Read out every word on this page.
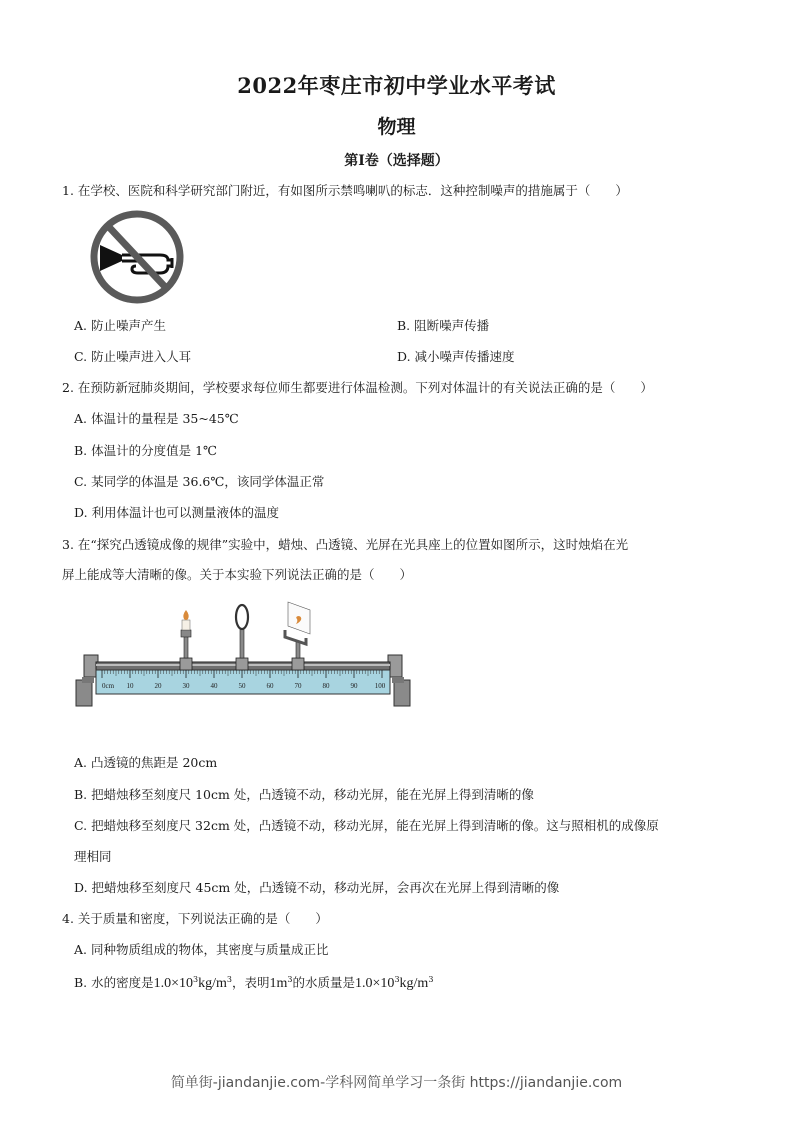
2022年枣庄市初中学业水平考试
物理
第I卷（选择题）
1. 在学校、医院和科学研究部门附近，有如图所示禁鸣喇叭的标志．这种控制噪声的措施属于（　　）
A. 防止噪声产生	B. 阻断噪声传播
C. 防止噪声进入人耳	D. 减小噪声传播速度
2. 在预防新冠肺炎期间，学校要求每位师生都要进行体温检测。下列对体温计的有关说法正确的是（　　）
A. 体温计的量程是 35~45℃
B. 体温计的分度值是 1℃
C. 某同学的体温是 36.6℃，该同学体温正常
D. 利用体温计也可以测量液体的温度
3. 在“探究凸透镜成像的规律”实验中，蜡烛、凸透镜、光屏在光具座上的位置如图所示，这时烛焰在光
屏上能成等大清晰的像。关于本实验下列说法正确的是（　　）
0cm 10	20	30	40	50	60	70	80	90 100
A. 凸透镜的焦距是 20cm
B. 把蜡烛移至刻度尺 10cm 处，凸透镜不动，移动光屏，能在光屏上得到清晰的像
C. 把蜡烛移至刻度尺 32cm 处，凸透镜不动，移动光屏，能在光屏上得到清晰的像。这与照相机的成像原
理相同
D. 把蜡烛移至刻度尺 45cm 处，凸透镜不动，移动光屏，会再次在光屏上得到清晰的像
4. 关于质量和密度，下列说法正确的是（　　）
A. 同种物质组成的物体，其密度与质量成正比
B. 水的密度是$1.0\times 10^3kg/m^3$，表明$1m^3$的水质量是$1.0\times 10^3kg/m^3$
简单街-jiandanjie.com-学科网简单学习一条街 https://jiandanjie.com
